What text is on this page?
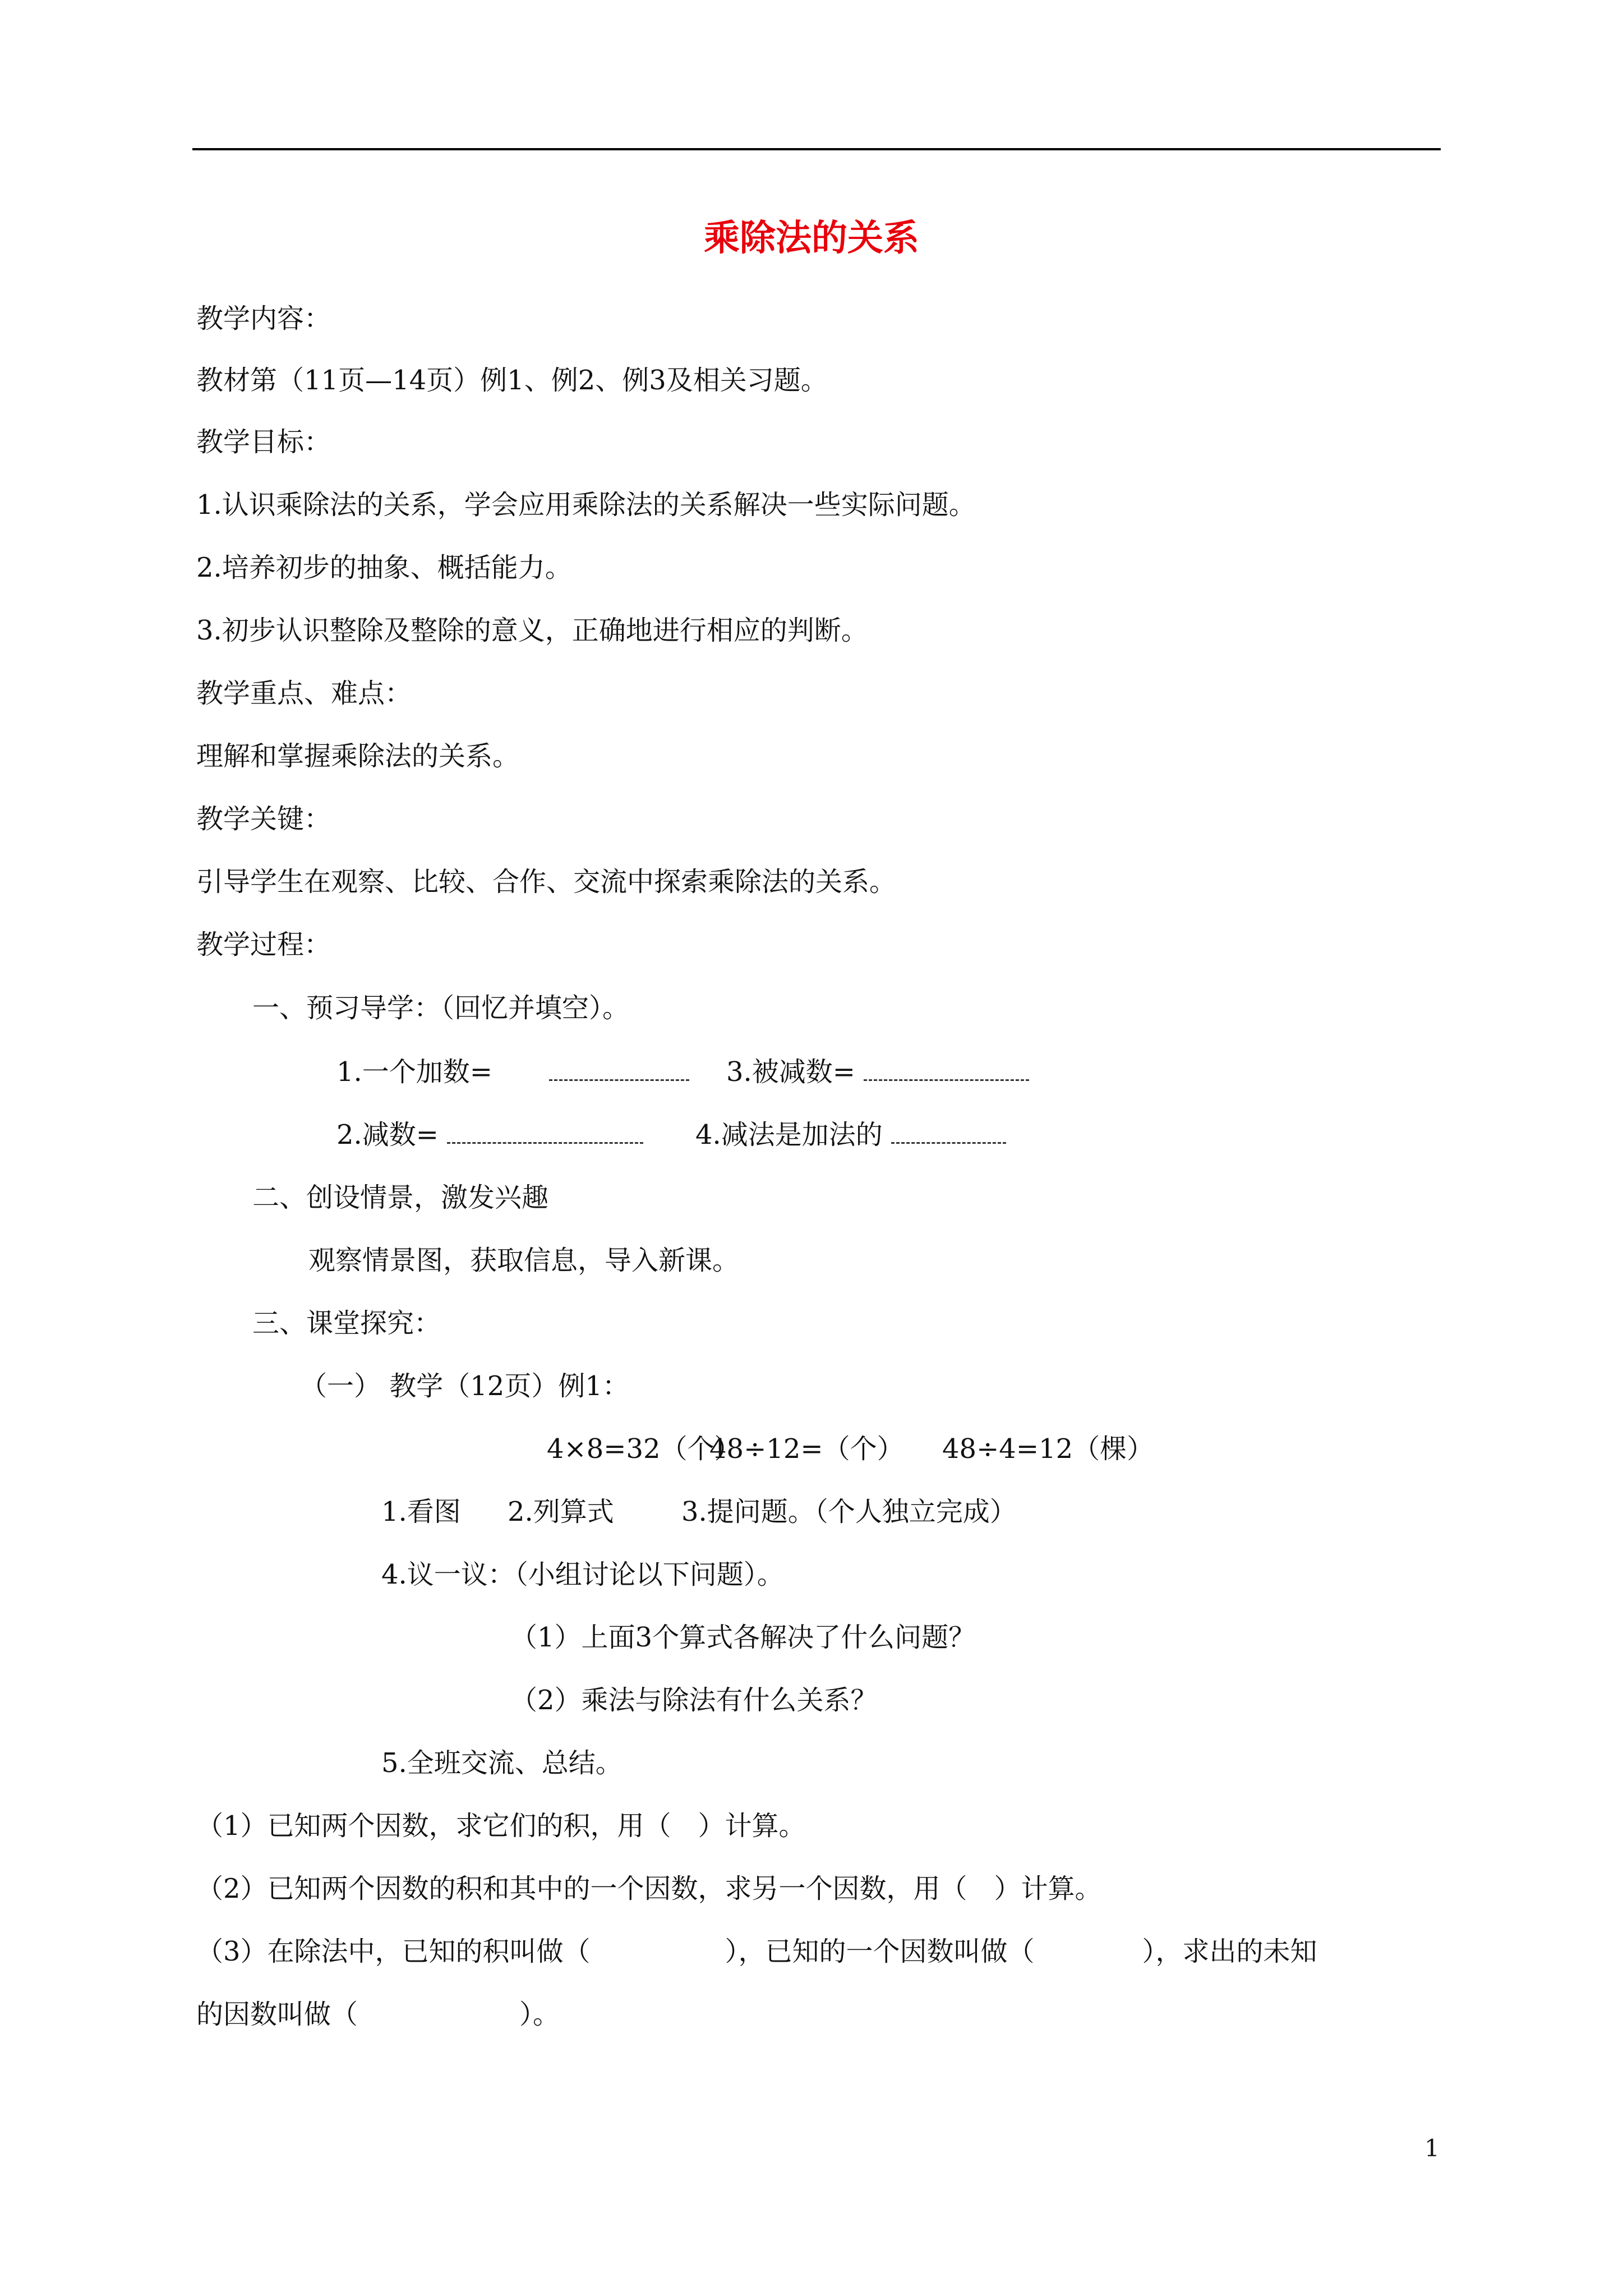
乘除法的关系
教学内容：
教材第（11页—14页）例1、例2、例3及相关习题。
教学目标：
1.认识乘除法的关系，学会应用乘除法的关系解决一些实际问题。
2.培养初步的抽象、概括能力。
3.初步认识整除及整除的意义，正确地进行相应的判断。
教学重点、难点：
理解和掌握乘除法的关系。
教学关键：
引导学生在观察、比较、合作、交流中探索乘除法的关系。
教学过程：
一、预习导学：（回忆并填空）。
1.一个加数=	3.被减数=
2.减数=	4.减法是加法的
二、创设情景，激发兴趣
观察情景图，获取信息，导入新课。
三、课堂探究：
（一） 教学（12页）例1：
4×8=32（个）
48÷12=（个） 48÷4=12（棵）
1.看图 2.列算式	3.提问题。（个人独立完成）
4.议一议：（小组讨论以下问题）。
（1）上面3个算式各解决了什么问题？
（2）乘法与除法有什么关系？
5.全班交流、总结。
（1）已知两个因数，求它们的积，用（　）计算。
（2）已知两个因数的积和其中的一个因数，求另一个因数，用（　）计算。
（3）在除法中，已知的积叫做（　　　　　），已知的一个因数叫做（　　　　），求出的未知
的因数叫做（　　　　　　）。
1
